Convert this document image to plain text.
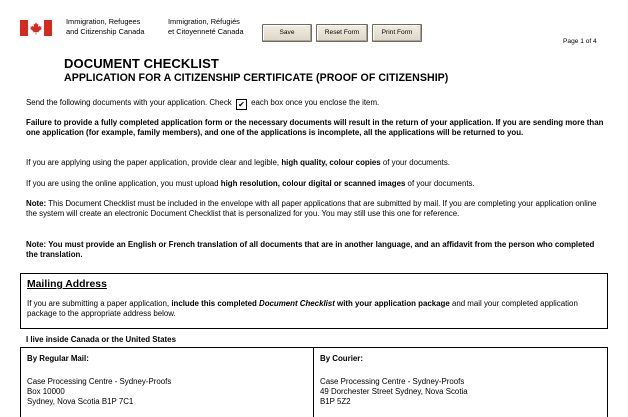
Immigration, Refugees
and Citizenship Canada
Immigration, Réfugiés
et Citoyenneté Canada	Save	Reset Form	Print Form
Page 1 of 4
DOCUMENT CHECKLIST
APPLICATION FOR A CITIZENSHIP CERTIFICATE (PROOF OF CITIZENSHIP)
Send the following documents with your application. Check ✔ each box once you enclose the item.
Failure to provide a fully completed application form or the necessary documents will result in the return of your application. If you are sending more than one application (for example, family members), and one of the applications is incomplete, all the applications will be returned to you.
If you are applying using the paper application, provide clear and legible, high quality, colour copies of your documents.
If you are using the online application, you must upload high resolution, colour digital or scanned images of your documents.
Note: This Document Checklist must be included in the envelope with all paper applications that are submitted by mail. If you are completing your application online the system will create an electronic Document Checklist that is personalized for you. You may still use this one for reference.
Note: You must provide an English or French translation of all documents that are in another language, and an affidavit from the person who completed the translation.
Mailing Address
If you are submitting a paper application, include this completed Document Checklist with your application package and mail your completed application package to the appropriate address below.
I live inside Canada or the United States
By Regular Mail:
Case Processing Centre - Sydney-Proofs
Box 10000
Sydney, Nova Scotia B1P 7C1
By Courier:
Case Processing Centre - Sydney-Proofs
49 Dorchester Street Sydney, Nova Scotia
B1P 5Z2
